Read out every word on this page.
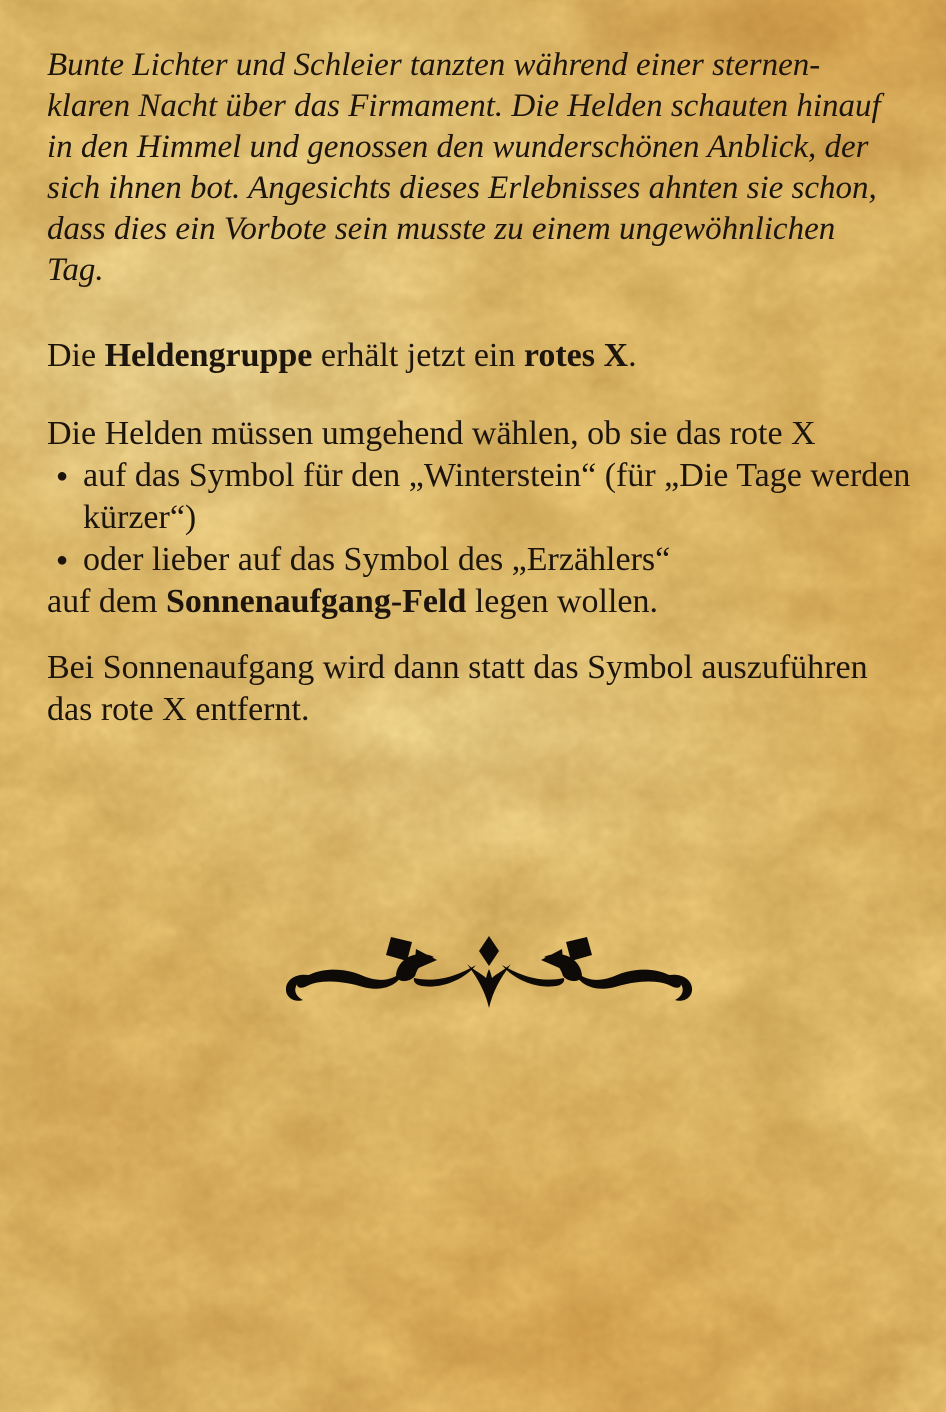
Bunte Lichter und Schleier tanzten während einer sternen-
klaren Nacht über das Firmament. Die Helden schauten hinauf
in den Himmel und genossen den wunderschönen Anblick, der
sich ihnen bot. Angesichts dieses Erlebnisses ahnten sie schon,
dass dies ein Vorbote sein musste zu einem ungewöhnlichen
Tag.
Die Heldengruppe erhält jetzt ein rotes X.
Die Helden müssen umgehend wählen, ob sie das rote X
● auf das Symbol für den „Winterstein“ (für „Die Tage werden
kürzer“)
● oder lieber auf das Symbol des „Erzählers“
auf dem Sonnenaufgang-Feld legen wollen.
Bei Sonnenaufgang wird dann statt das Symbol auszuführen
das rote X entfernt.
